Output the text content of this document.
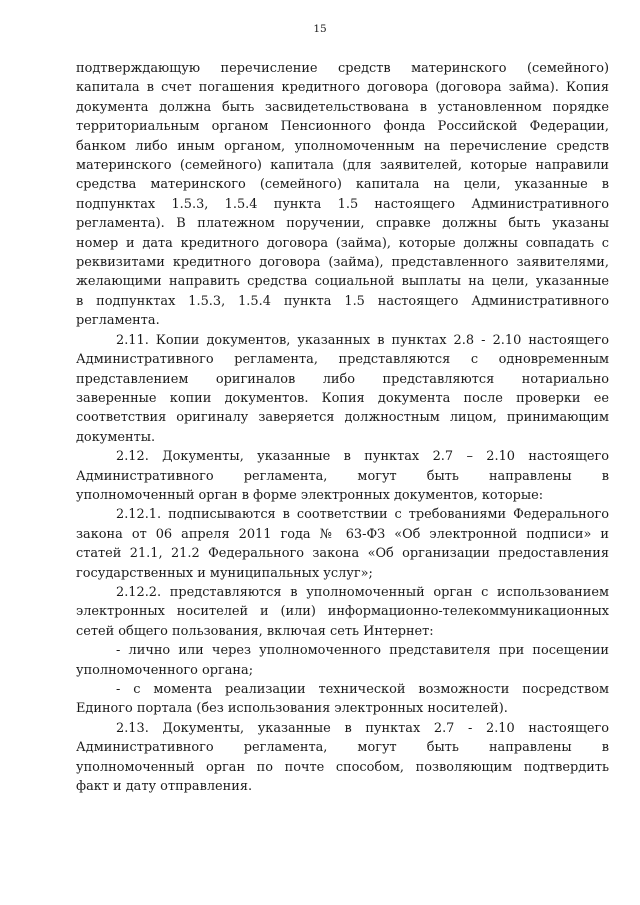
15

подтверждающую перечисление средств материнского (семейного)
капитала в счет погашения кредитного договора (договора займа). Копия
документа должна быть засвидетельствована в установленном порядке
территориальным органом Пенсионного фонда Российской Федерации,
банком либо иным органом, уполномоченным на перечисление средств
материнского (семейного) капитала (для заявителей, которые направили
средства материнского (семейного) капитала на цели, указанные в
подпунктах 1.5.3, 1.5.4 пункта 1.5 настоящего Административного
регламента). В платежном поручении, справке должны быть указаны
номер и дата кредитного договора (займа), которые должны совпадать с
реквизитами кредитного договора (займа), представленного заявителями,
желающими направить средства социальной выплаты на цели, указанные
в подпунктах 1.5.3, 1.5.4 пункта 1.5 настоящего Административного
регламента.

2.11. Копии документов, указанных в пунктах 2.8 - 2.10 настоящего
Административного регламента, представляются с одновременным
представлением оригиналов либо представляются нотариально
заверенные копии документов. Копия документа после проверки ее
соответствия оригиналу заверяется должностным лицом, принимающим
документы.

2.12. Документы, указанные в пунктах 2.7 – 2.10 настоящего
Административного регламента, могут быть направлены в
уполномоченный орган в форме электронных документов, которые:

2.12.1. подписываются в соответствии с требованиями Федерального
закона от 06 апреля 2011 года № 63-ФЗ «Об электронной подписи» и
статей 21.1, 21.2 Федерального закона «Об организации предоставления
государственных и муниципальных услуг»;

2.12.2. представляются в уполномоченный орган с использованием
электронных носителей и (или) информационно-телекоммуникационных
сетей общего пользования, включая сеть Интернет:

- лично или через уполномоченного представителя при посещении
уполномоченного органа;

- с момента реализации технической возможности посредством
Единого портала (без использования электронных носителей).

2.13. Документы, указанные в пунктах 2.7 - 2.10 настоящего
Административного регламента, могут быть направлены в
уполномоченный орган по почте способом, позволяющим подтвердить
факт и дату отправления.
